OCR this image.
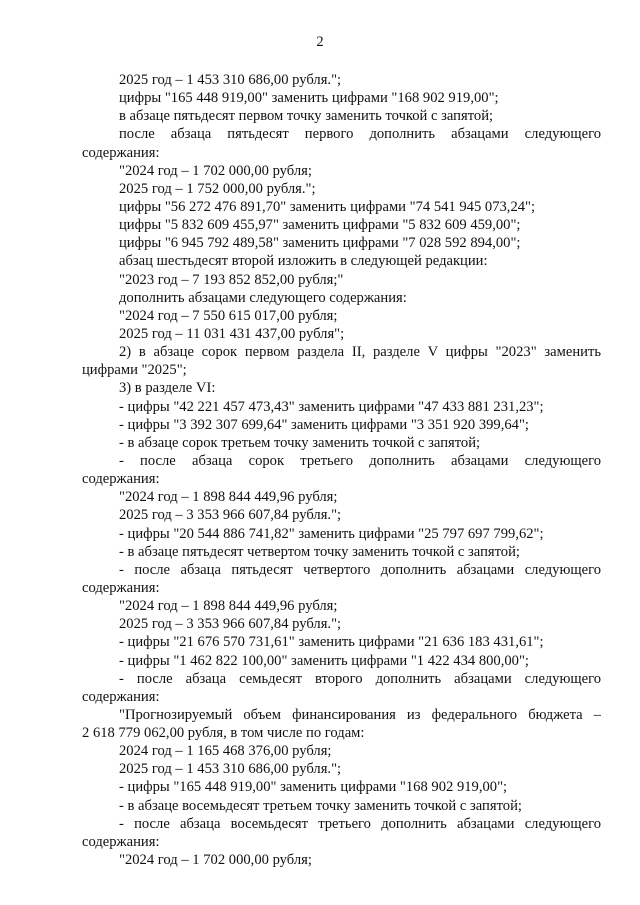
2
2025 год – 1 453 310 686,00 рубля.";
цифры "165 448 919,00" заменить цифрами "168 902 919,00";
в абзаце пятьдесят первом точку заменить точкой с запятой;
после абзаца пятьдесят первого дополнить абзацами следующего
содержания:
"2024 год – 1 702 000,00 рубля;
2025 год – 1 752 000,00 рубля.";
цифры "56 272 476 891,70" заменить цифрами "74 541 945 073,24";
цифры "5 832 609 455,97" заменить цифрами "5 832 609 459,00";
цифры "6 945 792 489,58" заменить цифрами "7 028 592 894,00";
абзац шестьдесят второй изложить в следующей редакции:
"2023 год – 7 193 852 852,00 рубля;"
дополнить абзацами следующего содержания:
"2024 год – 7 550 615 017,00 рубля;
2025 год – 11 031 431 437,00 рубля";
2) в абзаце сорок первом раздела II, разделе V цифры "2023" заменить
цифрами "2025";
3) в разделе VI:
- цифры "42 221 457 473,43" заменить цифрами "47 433 881 231,23";
- цифры "3 392 307 699,64" заменить цифрами "3 351 920 399,64";
- в абзаце сорок третьем точку заменить точкой с запятой;
- после абзаца сорок третьего дополнить абзацами следующего
содержания:
"2024 год – 1 898 844 449,96 рубля;
2025 год – 3 353 966 607,84 рубля.";
- цифры "20 544 886 741,82" заменить цифрами "25 797 697 799,62";
- в абзаце пятьдесят четвертом точку заменить точкой с запятой;
- после абзаца пятьдесят четвертого дополнить абзацами следующего
содержания:
"2024 год – 1 898 844 449,96 рубля;
2025 год – 3 353 966 607,84 рубля.";
- цифры "21 676 570 731,61" заменить цифрами "21 636 183 431,61";
- цифры "1 462 822 100,00" заменить цифрами "1 422 434 800,00";
- после абзаца семьдесят второго дополнить абзацами следующего
содержания:
"Прогнозируемый объем финансирования из федерального бюджета –
2 618 779 062,00 рубля, в том числе по годам:
2024 год – 1 165 468 376,00 рубля;
2025 год – 1 453 310 686,00 рубля.";
- цифры "165 448 919,00" заменить цифрами "168 902 919,00";
- в абзаце восемьдесят третьем точку заменить точкой с запятой;
- после абзаца восемьдесят третьего дополнить абзацами следующего
содержания:
"2024 год – 1 702 000,00 рубля;
